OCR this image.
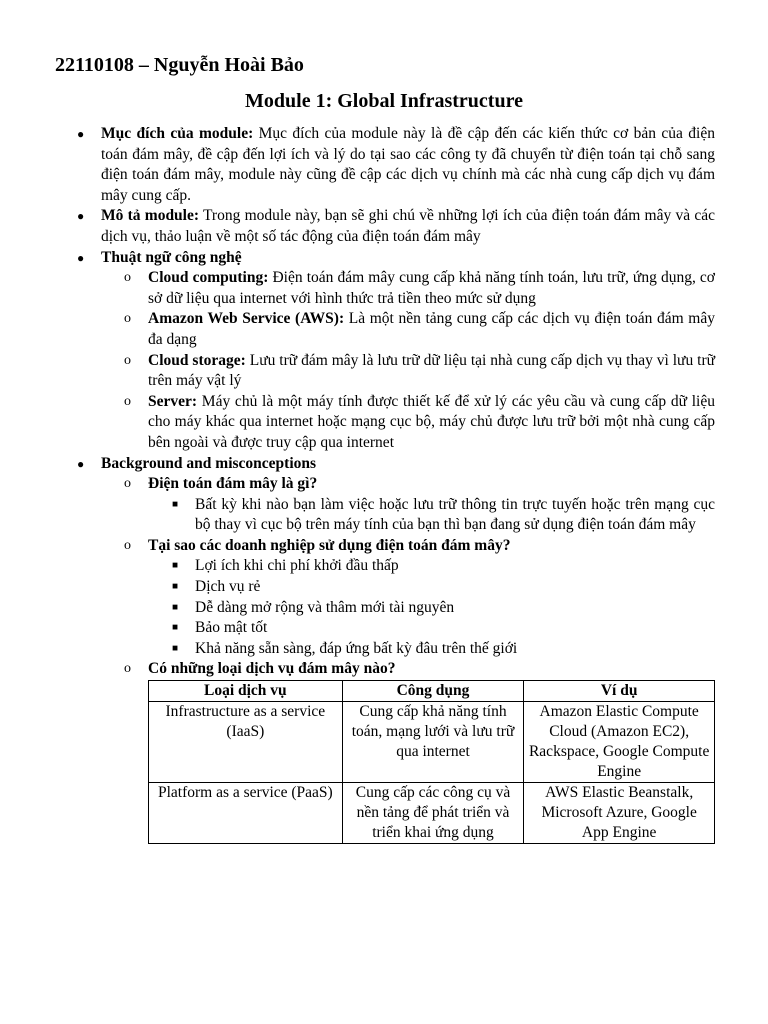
22110108 – Nguyễn Hoài Bảo
Module 1: Global Infrastructure
● Mục đích của module: Mục đích của module này là đề cập đến các kiến thức cơ bản của điện toán đám mây, đề cập đến lợi ích và lý do tại sao các công ty đã chuyển từ điện toán tại chỗ sang điện toán đám mây, module này cũng đề cập các dịch vụ chính mà các nhà cung cấp dịch vụ đám mây cung cấp.
● Mô tả module: Trong module này, bạn sẽ ghi chú về những lợi ích của điện toán đám mây và các dịch vụ, thảo luận về một số tác động của điện toán đám mây
● Thuật ngữ công nghệ
o Cloud computing: Điện toán đám mây cung cấp khả năng tính toán, lưu trữ, ứng dụng, cơ sở dữ liệu qua internet với hình thức trả tiền theo mức sử dụng
o Amazon Web Service (AWS): Là một nền tảng cung cấp các dịch vụ điện toán đám mây đa dạng
o Cloud storage: Lưu trữ đám mây là lưu trữ dữ liệu tại nhà cung cấp dịch vụ thay vì lưu trữ trên máy vật lý
o Server: Máy chủ là một máy tính được thiết kế để xử lý các yêu cầu và cung cấp dữ liệu cho máy khác qua internet hoặc mạng cục bộ, máy chủ được lưu trữ bởi một nhà cung cấp bên ngoài và được truy cập qua internet
● Background and misconceptions
o Điện toán đám mây là gì?
■ Bất kỳ khi nào bạn làm việc hoặc lưu trữ thông tin trực tuyến hoặc trên mạng cục bộ thay vì cục bộ trên máy tính của bạn thì bạn đang sử dụng điện toán đám mây
o Tại sao các doanh nghiệp sử dụng điện toán đám mây?
■ Lợi ích khi chi phí khởi đầu thấp
■ Dịch vụ rẻ
■ Dễ dàng mở rộng và thâm mới tài nguyên
■ Bảo mật tốt
■ Khả năng sẵn sàng, đáp ứng bất kỳ đâu trên thế giới
o Có những loại dịch vụ đám mây nào?
Loại dịch vụ	Công dụng	Ví dụ
Infrastructure as a service (IaaS)	Cung cấp khả năng tính toán, mạng lưới và lưu trữ qua internet	Amazon Elastic Compute Cloud (Amazon EC2), Rackspace, Google Compute Engine
Platform as a service (PaaS)	Cung cấp các công cụ và nền tảng để phát triển và triển khai ứng dụng	AWS Elastic Beanstalk, Microsoft Azure, Google App Engine
